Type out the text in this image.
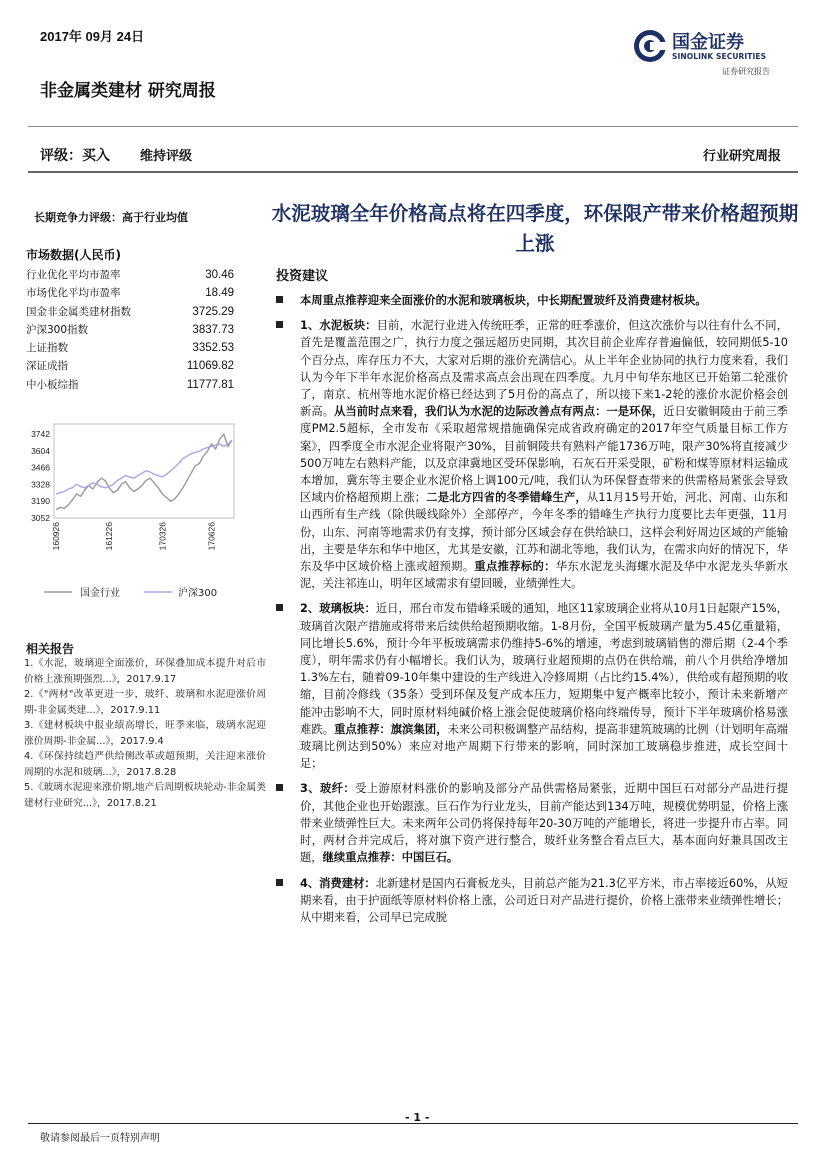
2017年 09月 24日
非金属类建材 研究周报
国金证券
SINOLINK SECURITIES
证券研究报告
评级：买入 维持评级	行业研究周报
长期竞争力评级：高于行业均值
市场数据(人民币)
行业优化平均市盈率	30.46
市场优化平均市盈率	18.49
国金非金属类建材指数	3725.29
沪深300指数	3837.73
上证指数	3352.53
深证成指	11069.82
中小板综指	11777.81
3742
3604
3466
3328
3190
3052
160926	161226	170326	170626
国金行业	沪深300
相关报告
1.《水泥，玻璃迎全面涨价，环保叠加成本提升对后市价格上涨预期强烈...》，2017.9.17
2.《"两材"改革更进一步，玻纤、玻璃和水泥迎涨价周期-非金属类建...》，2017.9.11
3.《建材板块中报业绩高增长，旺季来临，玻璃水泥迎涨价周期-非金属...》，2017.9.4
4.《环保持续趋严供给侧改革或超预期，关注迎来涨价周期的水泥和玻璃...》，2017.8.28
5.《玻璃水泥迎来涨价期,地产后周期板块轮动-非金属类建材行业研究...》，2017.8.21
水泥玻璃全年价格高点将在四季度，环保限产带来价格超预期上涨
投资建议
本周重点推荐迎来全面涨价的水泥和玻璃板块，中长期配置玻纤及消费建材板块。
1、水泥板块：目前，水泥行业进入传统旺季，正常的旺季涨价，但这次涨价与以往有什么不同，首先是覆盖范围之广，执行力度之强远超历史同期，其次目前企业库存普遍偏低，较同期低5-10个百分点，库存压力不大，大家对后期的涨价充满信心。从上半年企业协同的执行力度来看，我们认为今年下半年水泥价格高点及需求高点会出现在四季度。九月中旬华东地区已开始第二轮涨价了，南京、杭州等地水泥价格已经达到了5月份的高点了，所以接下来1-2轮的涨价水泥价格会创新高。从当前时点来看，我们认为水泥的边际改善点有两点：一是环保，近日安徽铜陵由于前三季度PM2.5超标，全市发布《采取超常规措施确保完成省政府确定的2017年空气质量目标工作方案》，四季度全市水泥企业将限产30%，目前铜陵共有熟料产能1736万吨，限产30%将直接减少500万吨左右熟料产能，以及京津冀地区受环保影响，石灰石开采受限，矿粉和煤等原材料运输成本增加，冀东等主要企业水泥价格上调100元/吨，我们认为环保督查带来的供需格局紧张会导致区域内价格超预期上涨；二是北方四省的冬季错峰生产，从11月15号开始，河北、河南、山东和山西所有生产线（除供暖线除外）全部停产，今年冬季的错峰生产执行力度要比去年更强，11月份，山东、河南等地需求仍有支撑，预计部分区域会存在供给缺口，这样会利好周边区域的产能输出，主要是华东和华中地区，尤其是安徽，江苏和湖北等地，我们认为，在需求向好的情况下，华东及华中区域价格上涨或超预期。重点推荐标的：华东水泥龙头海螺水泥及华中水泥龙头华新水泥，关注祁连山，明年区域需求有望回暖，业绩弹性大。
2、玻璃板块：近日，邢台市发布错峰采暖的通知，地区11家玻璃企业将从10月1日起限产15%，玻璃首次限产措施或将带来后续供给超预期收缩。1-8月份，全国平板玻璃产量为5.45亿重量箱，同比增长5.6%，预计今年平板玻璃需求仍维持5-6%的增速，考虑到玻璃销售的滞后期（2-4个季度），明年需求仍有小幅增长。我们认为，玻璃行业超预期的点仍在供给端，前八个月供给净增加1.3%左右，随着09-10年集中建设的生产线进入冷修周期（占比约15.4%），供给或有超预期的收缩，目前冷修线（35条）受到环保及复产成本压力，短期集中复产概率比较小，预计未来新增产能冲击影响不大，同时原材料纯碱价格上涨会促使玻璃价格向终端传导，预计下半年玻璃价格易涨难跌。重点推荐：旗滨集团，未来公司积极调整产品结构，提高非建筑玻璃的比例（计划明年高端玻璃比例达到50%）来应对地产周期下行带来的影响，同时深加工玻璃稳步推进，成长空间十足；
3、玻纤：受上游原材料涨价的影响及部分产品供需格局紧张，近期中国巨石对部分产品进行提价，其他企业也开始跟涨。巨石作为行业龙头，目前产能达到134万吨，规模优势明显，价格上涨带来业绩弹性巨大。未来两年公司仍将保持每年20-30万吨的产能增长，将进一步提升市占率。同时，两材合并完成后，将对旗下资产进行整合，玻纤业务整合看点巨大，基本面向好兼具国改主题，继续重点推荐：中国巨石。
4、消费建材：北新建材是国内石膏板龙头，目前总产能为21.3亿平方米，市占率接近60%，从短期来看，由于护面纸等原材料价格上涨，公司近日对产品进行提价，价格上涨带来业绩弹性增长；从中期来看，公司早已完成脱
- 1 -
敬请参阅最后一页特别声明
